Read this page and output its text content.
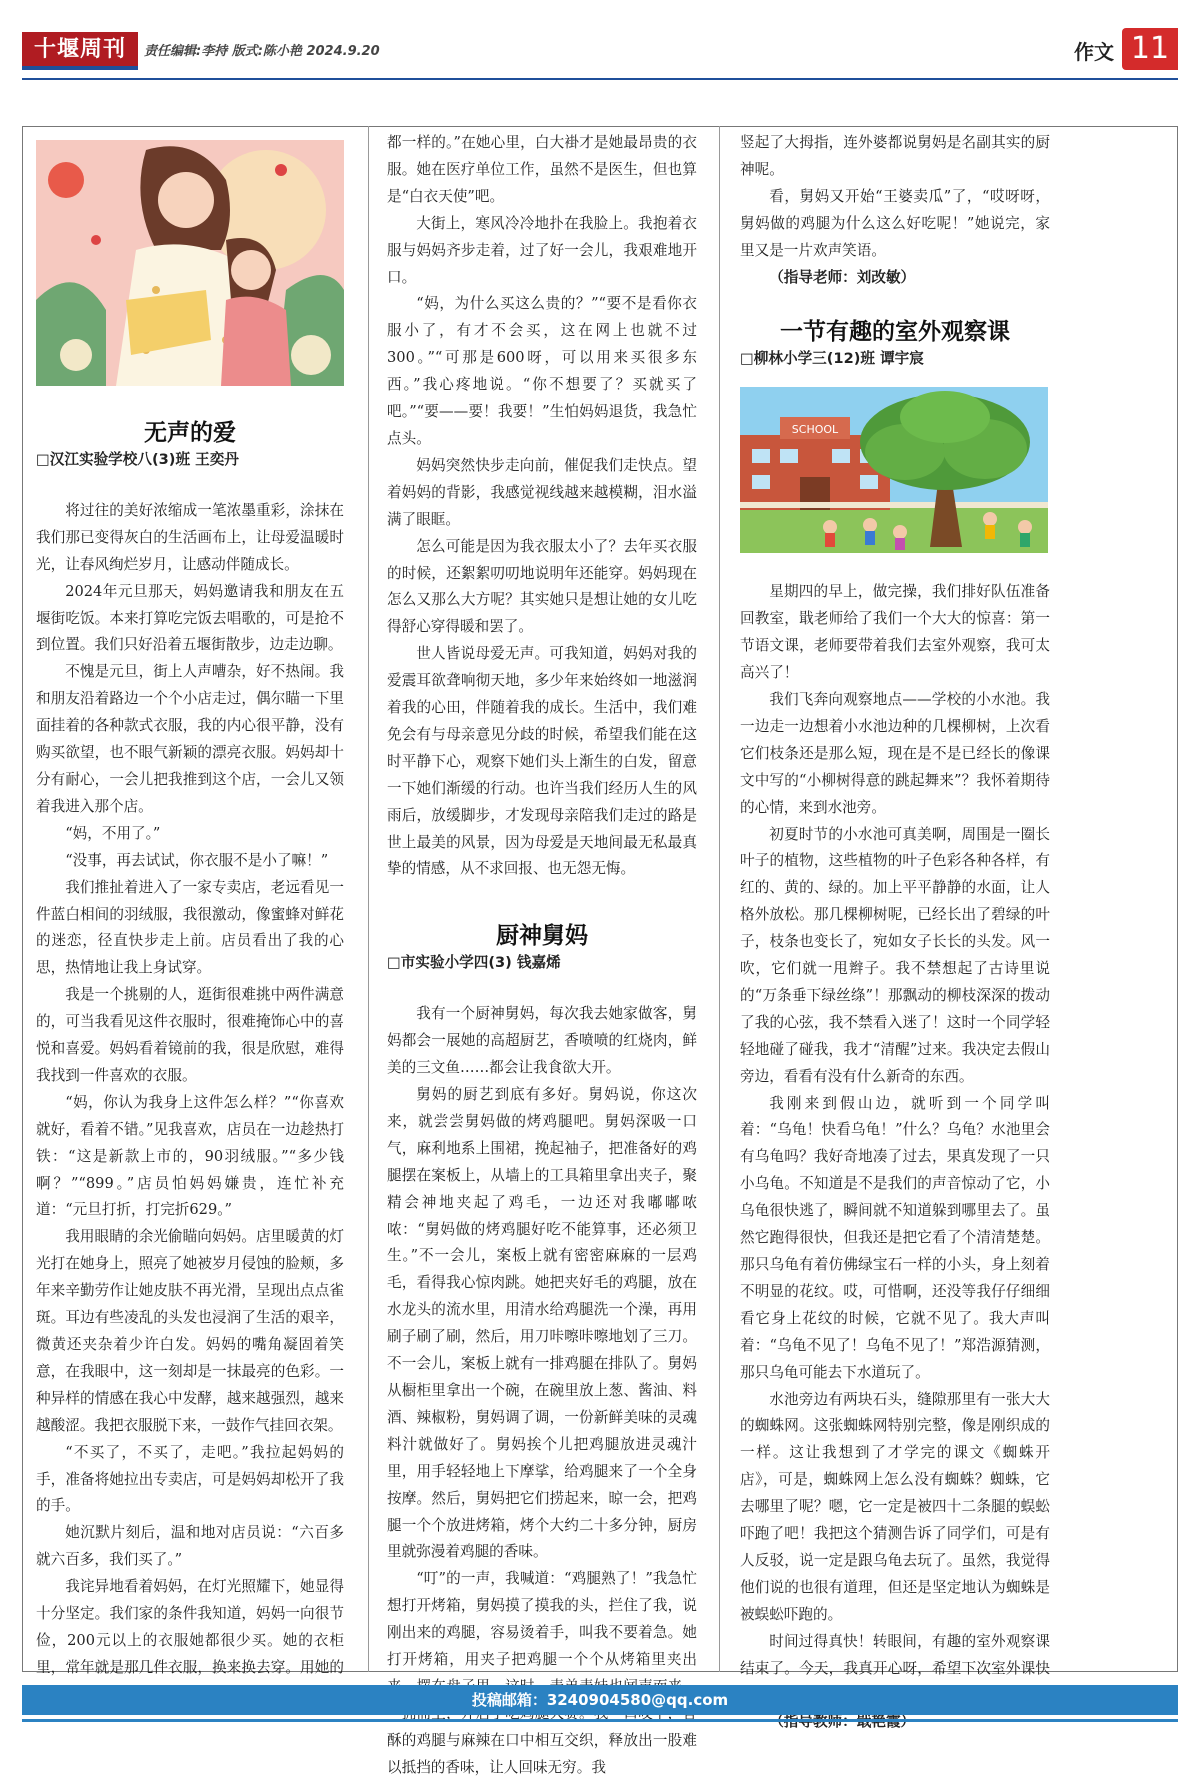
十堰周刊	责任编辑:李持 版式:陈小艳 2024.9.20	作文 11
无声的爱

□汉江实验学校八(3)班 王奕丹

将过往的美好浓缩成一笔浓墨重彩，涂抹在我们那已变得灰白的生活画布上，让母爱温暖时光，让春风绚烂岁月，让感动伴随成长。

2024年元旦那天，妈妈邀请我和朋友在五堰街吃饭。本来打算吃完饭去唱歌的，可是抢不到位置。我们只好沿着五堰街散步，边走边聊。

不愧是元旦，街上人声嘈杂，好不热闹。我和朋友沿着路边一个个小店走过，偶尔瞄一下里面挂着的各种款式衣服，我的内心很平静，没有购买欲望，也不眼气新颖的漂亮衣服。妈妈却十分有耐心，一会儿把我推到这个店，一会儿又领着我进入那个店。

“妈，不用了。”

“没事，再去试试，你衣服不是小了嘛！”

我们推扯着进入了一家专卖店，老远看见一件蓝白相间的羽绒服，我很激动，像蜜蜂对鲜花的迷恋，径直快步走上前。店员看出了我的心思，热情地让我上身试穿。

我是一个挑剔的人，逛街很难挑中两件满意的，可当我看见这件衣服时，很难掩饰心中的喜悦和喜爱。妈妈看着镜前的我，很是欣慰，难得我找到一件喜欢的衣服。

“妈，你认为我身上这件怎么样？”“你喜欢就好，看着不错。”见我喜欢，店员在一边趁热打铁：“这是新款上市的，90羽绒服。”“多少钱啊？”“899。”店员怕妈妈嫌贵，连忙补充道：“元旦打折，打完折629。”

我用眼睛的余光偷瞄向妈妈。店里暖黄的灯光打在她身上，照亮了她被岁月侵蚀的脸颊，多年来辛勤劳作让她皮肤不再光滑，呈现出点点雀斑。耳边有些凌乱的头发也浸润了生活的艰辛，微黄还夹杂着少许白发。妈妈的嘴角凝固着笑意，在我眼中，这一刻却是一抹最亮的色彩。一种异样的情感在我心中发酵，越来越强烈，越来越酸涩。我把衣服脱下来，一鼓作气挂回衣架。

“不买了，不买了，走吧。”我拉起妈妈的手，准备将她拉出专卖店，可是妈妈却松开了我的手。

她沉默片刻后，温和地对店员说：“六百多就六百多，我们买了。”

我诧异地看着妈妈，在灯光照耀下，她显得十分坚定。我们家的条件我知道，妈妈一向很节俭，200元以上的衣服她都很少买。她的衣柜里，常年就是那几件衣服，换来换去穿。用她的

都一样的。”在她心里，白大褂才是她最昂贵的衣服。她在医疗单位工作，虽然不是医生，但也算是“白衣天使”吧。

大街上，寒风冷冷地扑在我脸上。我抱着衣服与妈妈齐步走着，过了好一会儿，我艰难地开口。

“妈，为什么买这么贵的？”“要不是看你衣服小了，有才不会买，这在网上也就不过300。”“可那是600呀，可以用来买很多东西。”我心疼地说。“你不想要了？买就买了吧。”“要——要！我要！”生怕妈妈退货，我急忙点头。

妈妈突然快步走向前，催促我们走快点。望着妈妈的背影，我感觉视线越来越模糊，泪水溢满了眼眶。

怎么可能是因为我衣服太小了？去年买衣服的时候，还絮絮叨叨地说明年还能穿。妈妈现在怎么又那么大方呢？其实她只是想让她的女儿吃得舒心穿得暖和罢了。

世人皆说母爱无声。可我知道，妈妈对我的爱震耳欲聋响彻天地，多少年来始终如一地滋润着我的心田，伴随着我的成长。生活中，我们难免会有与母亲意见分歧的时候，希望我们能在这时平静下心，观察下她们头上渐生的白发，留意一下她们渐缓的行动。也许当我们经历人生的风雨后，放缓脚步，才发现母亲陪我们走过的路是世上最美的风景，因为母爱是天地间最无私最真挚的情感，从不求回报、也无怨无悔。

厨神舅妈

□市实验小学四(3) 钱嘉烯

我有一个厨神舅妈，每次我去她家做客，舅妈都会一展她的高超厨艺，香喷喷的红烧肉，鲜美的三文鱼……都会让我食欲大开。

舅妈的厨艺到底有多好。舅妈说，你这次来，就尝尝舅妈做的烤鸡腿吧。舅妈深吸一口气，麻利地系上围裙，挽起袖子，把准备好的鸡腿摆在案板上，从墙上的工具箱里拿出夹子，聚精会神地夹起了鸡毛，一边还对我嘟嘟哝哝：“舅妈做的烤鸡腿好吃不能算事，还必须卫生。”不一会儿，案板上就有密密麻麻的一层鸡毛，看得我心惊肉跳。她把夹好毛的鸡腿，放在水龙头的流水里，用清水给鸡腿洗一个澡，再用刷子刷了刷，然后，用刀咔嚓咔嚓地划了三刀。不一会儿，案板上就有一排鸡腿在排队了。舅妈从橱柜里拿出一个碗，在碗里放上葱、酱油、料酒、辣椒粉，舅妈调了调，一份新鲜美味的灵魂料汁就做好了。舅妈挨个儿把鸡腿放进灵魂汁里，用手轻轻地上下摩挲，给鸡腿来了一个全身按摩。然后，舅妈把它们捞起来，晾一会，把鸡腿一个个放进烤箱，烤个大约二十多分钟，厨房里就弥漫着鸡腿的香味。

“叮”的一声，我喊道：“鸡腿熟了！”我急忙想打开烤箱，舅妈摸了摸我的头，拦住了我，说刚出来的鸡腿，容易烫着手，叫我不要着急。她打开烤箱，用夹子把鸡腿一个个从烤箱里夹出 酥的鸡腿与麻辣在口中相互交织，释放出一股难以抵挡的香味，让人回味无穷。我

竖起了大拇指，连外婆都说舅妈是名副其实的厨神呢。

看，舅妈又开始“王婆卖瓜”了，“哎呀呀，舅妈做的鸡腿为什么这么好吃呢！”她说完，家里又是一片欢声笑语。

（指导老师：刘改敏）

一节有趣的室外观察课

□柳林小学三(12)班 谭宇宸

SCHOOL

星期四的早上，做完操，我们排好队伍准备回教室，戢老师给了我们一个大大的惊喜：第一节语文课，老师要带着我们去室外观察，我可太高兴了！

我们飞奔向观察地点——学校的小水池。我一边走一边想着小水池边种的几棵柳树，上次看它们枝条还是那么短，现在是不是已经长的像课文中写的“小柳树得意的跳起舞来”？我怀着期待的心情，来到水池旁。

初夏时节的小水池可真美啊，周围是一圈长叶子的植物，这些植物的叶子色彩各种各样，有红的、黄的、绿的。加上平平静静的水面，让人格外放松。那几棵柳树呢，已经长出了碧绿的叶子，枝条也变长了，宛如女子长长的头发。风一吹，它们就一甩辫子。我不禁想起了古诗里说的“万条垂下绿丝绦”！那飘动的柳枝深深的拨动了我的心弦，我不禁看入迷了！这时一个同学轻轻地碰了碰我，我才“清醒”过来。我决定去假山旁边，看看有没有什么新奇的东西。

我刚来到假山边，就听到一个同学叫着：“乌龟！快看乌龟！”什么？乌龟？水池里会有乌龟吗？我好奇地凑了过去，果真发现了一只小乌龟。不知道是不是我们的声音惊动了它，小乌龟很快逃了，瞬间就不知道躲到哪里去了。虽然它跑得很快，但我还是把它看了个清清楚楚。那只乌龟有着仿佛绿宝石一样的小头，身上刻着不明显的花纹。哎，可惜啊，还没等我仔仔细细看它身上花纹的时候，它就不见了。我大声叫着：“乌龟不见了！乌龟不见了！”郑浩源猜测，那只乌龟可能去下水道玩了。

水池旁边有两块石头，缝隙那里有一张大大的蜘蛛网。这张蜘蛛网特别完整，像是刚织成的一样。这让我想到了才学完的课文《蜘蛛开店》，可是，蜘蛛网上怎么没有蜘蛛？蜘蛛，它去哪里了呢？嗯，它一定是被四十二条腿的蜈蚣吓跑了吧！我把这个猜测告诉了同学们，可是有人反驳，说一定是跟乌龟去玩了。虽然，我觉得他们说的也很有道理，但还是坚定地认为蜘蛛是被蜈蚣吓跑的。

时间过得真快！转眼间，有趣的室外观察课结束了。今天，我真开心呀，希望下次室外课快

投稿邮箱：3240904580@qq.com
